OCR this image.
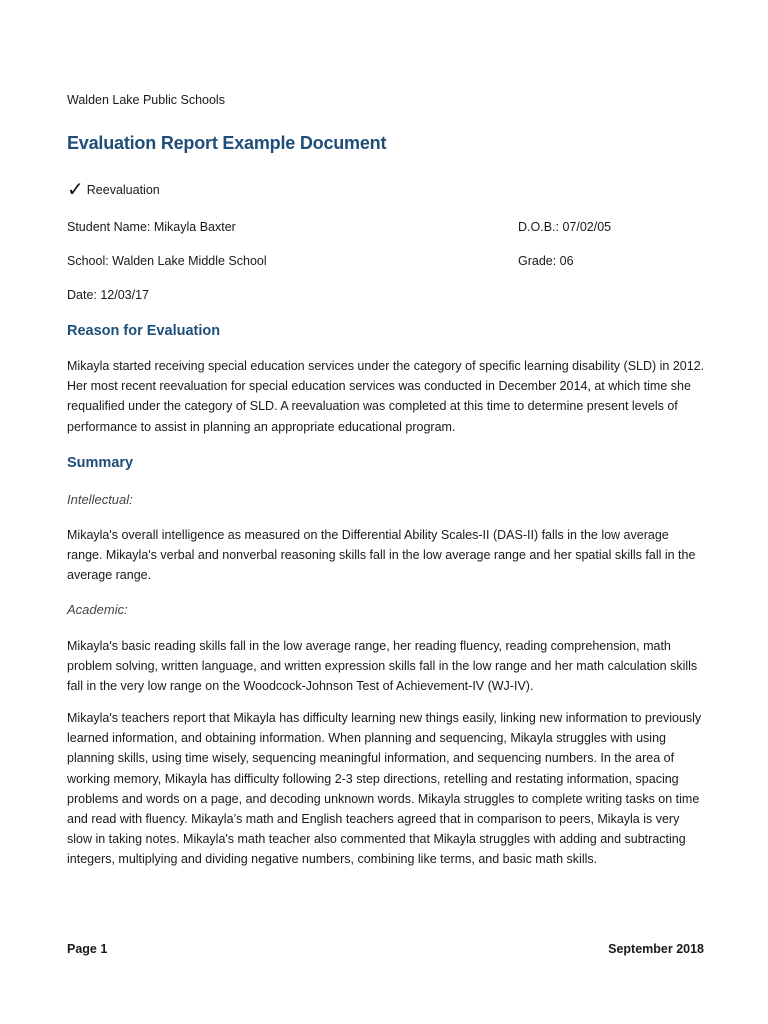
Walden Lake Public Schools
Evaluation Report Example Document
✓ Reevaluation
Student Name: Mikayla Baxter	D.O.B.: 07/02/05
School: Walden Lake Middle School	Grade: 06
Date: 12/03/17
Reason for Evaluation
Mikayla started receiving special education services under the category of specific learning disability (SLD) in 2012. Her most recent reevaluation for special education services was conducted in December 2014, at which time she requalified under the category of SLD. A reevaluation was completed at this time to determine present levels of performance to assist in planning an appropriate educational program.
Summary
Intellectual:
Mikayla's overall intelligence as measured on the Differential Ability Scales-II (DAS-II) falls in the low average range. Mikayla's verbal and nonverbal reasoning skills fall in the low average range and her spatial skills fall in the average range.
Academic:
Mikayla's basic reading skills fall in the low average range, her reading fluency, reading comprehension, math problem solving, written language, and written expression skills fall in the low range and her math calculation skills fall in the very low range on the Woodcock-Johnson Test of Achievement-IV (WJ-IV).
Mikayla's teachers report that Mikayla has difficulty learning new things easily, linking new information to previously learned information, and obtaining information. When planning and sequencing, Mikayla struggles with using planning skills, using time wisely, sequencing meaningful information, and sequencing numbers. In the area of working memory, Mikayla has difficulty following 2-3 step directions, retelling and restating information, spacing problems and words on a page, and decoding unknown words. Mikayla struggles to complete writing tasks on time and read with fluency. Mikayla’s math and English teachers agreed that in comparison to peers, Mikayla is very slow in taking notes. Mikayla's math teacher also commented that Mikayla struggles with adding and subtracting integers, multiplying and dividing negative numbers, combining like terms, and basic math skills.
Page 1	September 2018
